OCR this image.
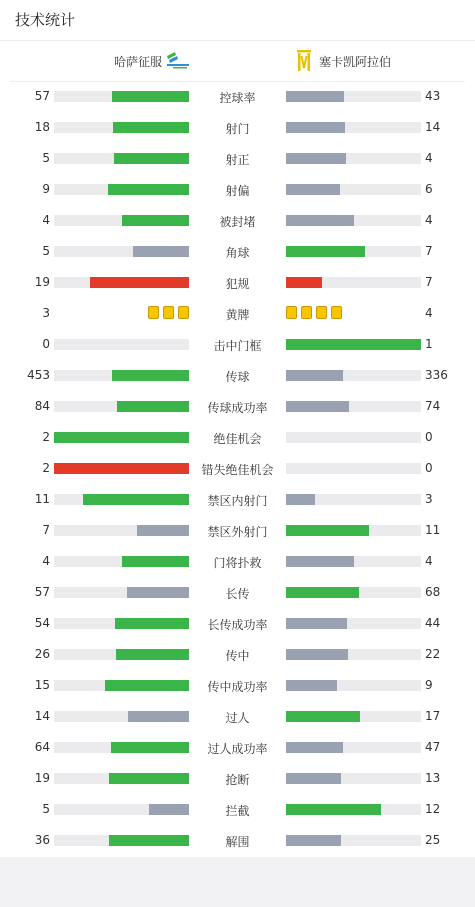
技术统计
哈萨征服	塞卡凯阿拉伯
57	控球率	43
18	射门	14
5	射正	4
9	射偏	6
4	被封堵	4
5	角球	7
19	犯规	7
3	黄牌	4
0	击中门框	1
453	传球	336
84	传球成功率	74
2	绝佳机会	0
2	错失绝佳机会	0
11	禁区内射门	3
7	禁区外射门	11
4	门将扑救	4
57	长传	68
54	长传成功率	44
26	传中	22
15	传中成功率	9
14	过人	17
64	过人成功率	47
19	抢断	13
5	拦截	12
36	解围	25
